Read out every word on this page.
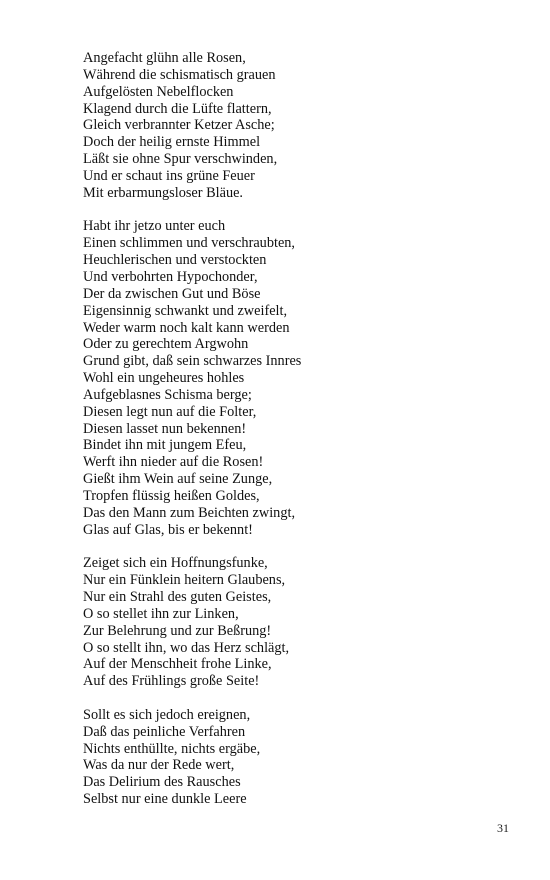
Angefacht glühn alle Rosen,
Während die schismatisch grauen
Aufgelösten Nebelflocken
Klagend durch die Lüfte flattern,
Gleich verbrannter Ketzer Asche;
Doch der heilig ernste Himmel
Läßt sie ohne Spur verschwinden,
Und er schaut ins grüne Feuer
Mit erbarmungsloser Bläue.
Habt ihr jetzo unter euch
Einen schlimmen und verschraubten,
Heuchlerischen und verstockten
Und verbohrten Hypochonder,
Der da zwischen Gut und Böse
Eigensinnig schwankt und zweifelt,
Weder warm noch kalt kann werden
Oder zu gerechtem Argwohn
Grund gibt, daß sein schwarzes Innres
Wohl ein ungeheures hohles
Aufgeblasnes Schisma berge;
Diesen legt nun auf die Folter,
Diesen lasset nun bekennen!
Bindet ihn mit jungem Efeu,
Werft ihn nieder auf die Rosen!
Gießt ihm Wein auf seine Zunge,
Tropfen flüssig heißen Goldes,
Das den Mann zum Beichten zwingt,
Glas auf Glas, bis er bekennt!
Zeiget sich ein Hoffnungsfunke,
Nur ein Fünklein heitern Glaubens,
Nur ein Strahl des guten Geistes,
O so stellet ihn zur Linken,
Zur Belehrung und zur Beßrung!
O so stellt ihn, wo das Herz schlägt,
Auf der Menschheit frohe Linke,
Auf des Frühlings große Seite!
Sollt es sich jedoch ereignen,
Daß das peinliche Verfahren
Nichts enthüllte, nichts ergäbe,
Was da nur der Rede wert,
Das Delirium des Rausches
Selbst nur eine dunkle Leere
31
